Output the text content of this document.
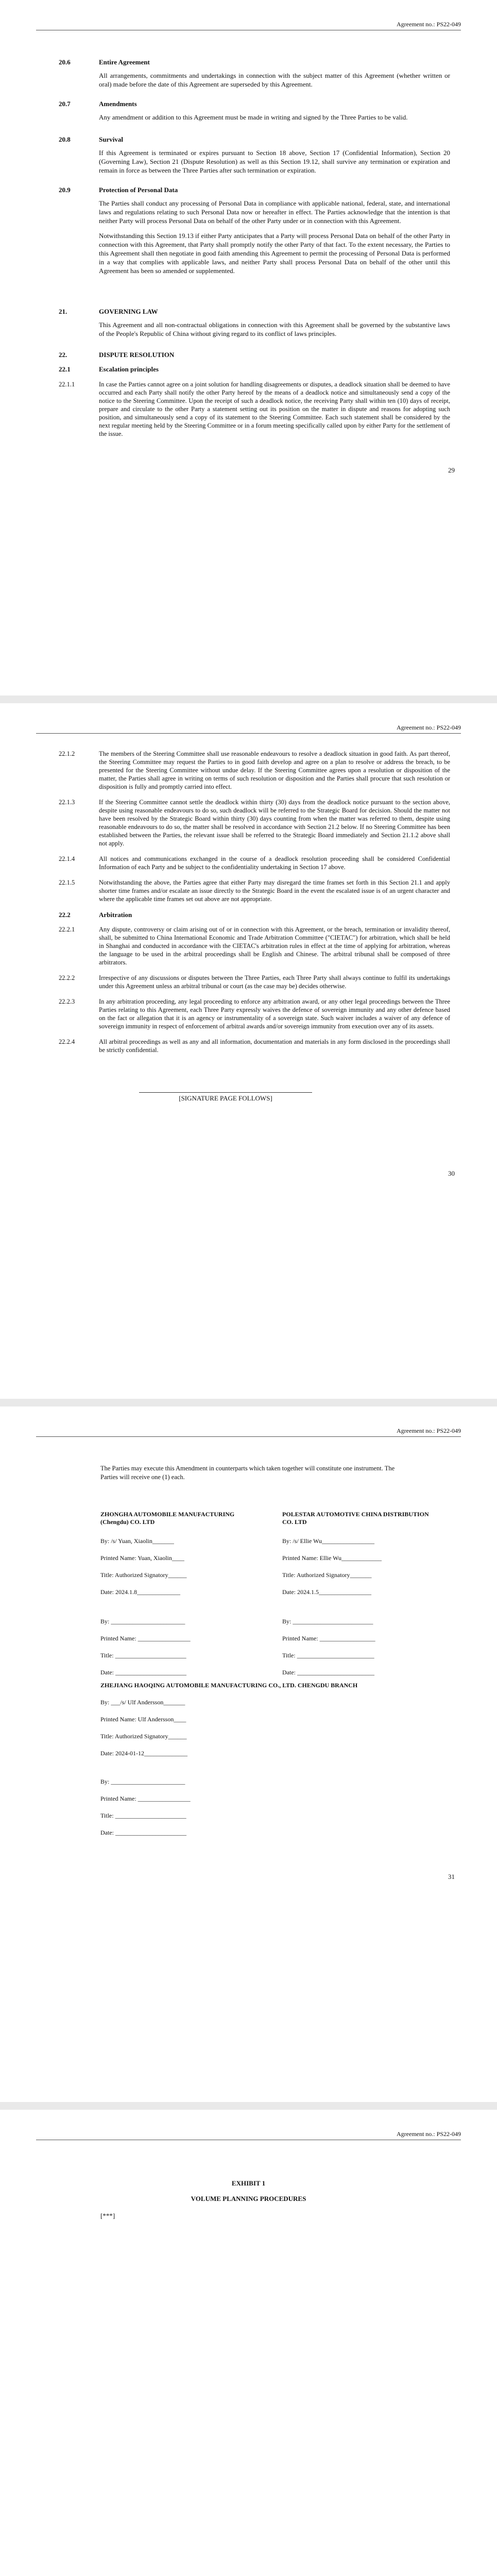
Agreement no.: PS22-049
20.6	Entire Agreement
All arrangements, commitments and undertakings in connection with the subject matter of this Agreement (whether written or oral) made before the date of this Agreement are superseded by this Agreement.
20.7	Amendments
Any amendment or addition to this Agreement must be made in writing and signed by the Three Parties to be valid.
20.8	Survival
If this Agreement is terminated or expires pursuant to Section 18 above, Section 17 (Confidential Information), Section 20 (Governing Law), Section 21 (Dispute Resolution) as well as this Section 19.12, shall survive any termination or expiration and remain in force as between the Three Parties after such termination or expiration.
20.9	Protection of Personal Data
The Parties shall conduct any processing of Personal Data in compliance with applicable national, federal, state, and international laws and regulations relating to such Personal Data now or hereafter in effect. The Parties acknowledge that the intention is that neither Party will process Personal Data on behalf of the other Party under or in connection with this Agreement.
Notwithstanding this Section 19.13 if either Party anticipates that a Party will process Personal Data on behalf of the other Party in connection with this Agreement, that Party shall promptly notify the other Party of that fact. To the extent necessary, the Parties to this Agreement shall then negotiate in good faith amending this Agreement to permit the processing of Personal Data is performed in a way that complies with applicable laws, and neither Party shall process Personal Data on behalf of the other until this Agreement has been so amended or supplemented.
21.	GOVERNING LAW
This Agreement and all non-contractual obligations in connection with this Agreement shall be governed by the substantive laws of the People's Republic of China without giving regard to its conflict of laws principles.
22.	DISPUTE RESOLUTION
22.1	Escalation principles
22.1.1	In case the Parties cannot agree on a joint solution for handling disagreements or disputes, a deadlock situation shall be deemed to have occurred and each Party shall notify the other Party hereof by the means of a deadlock notice and simultaneously send a copy of the notice to the Steering Committee. Upon the receipt of such a deadlock notice, the receiving Party shall within ten (10) days of receipt, prepare and circulate to the other Party a statement setting out its position on the matter in dispute and reasons for adopting such position, and simultaneously send a copy of its statement to the Steering Committee. Each such statement shall be considered by the next regular meeting held by the Steering Committee or in a forum meeting specifically called upon by either Party for the settlement of the issue.
29
Agreement no.: PS22-049
22.1.2	The members of the Steering Committee shall use reasonable endeavours to resolve a deadlock situation in good faith. As part thereof, the Steering Committee may request the Parties to in good faith develop and agree on a plan to resolve or address the breach, to be presented for the Steering Committee without undue delay. If the Steering Committee agrees upon a resolution or disposition of the matter, the Parties shall agree in writing on terms of such resolution or disposition and the Parties shall procure that such resolution or disposition is fully and promptly carried into effect.
22.1.3	If the Steering Committee cannot settle the deadlock within thirty (30) days from the deadlock notice pursuant to the section above, despite using reasonable endeavours to do so, such deadlock will be referred to the Strategic Board for decision. Should the matter not have been resolved by the Strategic Board within thirty (30) days counting from when the matter was referred to them, despite using reasonable endeavours to do so, the matter shall be resolved in accordance with Section 21.2 below. If no Steering Committee has been established between the Parties, the relevant issue shall be referred to the Strategic Board immediately and Section 21.1.2 above shall not apply.
22.1.4	All notices and communications exchanged in the course of a deadlock resolution proceeding shall be considered Confidential Information of each Party and be subject to the confidentiality undertaking in Section 17 above.
22.1.5	Notwithstanding the above, the Parties agree that either Party may disregard the time frames set forth in this Section 21.1 and apply shorter time frames and/or escalate an issue directly to the Strategic Board in the event the escalated issue is of an urgent character and where the applicable time frames set out above are not appropriate.
22.2	Arbitration
22.2.1	Any dispute, controversy or claim arising out of or in connection with this Agreement, or the breach, termination or invalidity thereof, shall, be submitted to China International Economic and Trade Arbitration Committee ("CIETAC") for arbitration, which shall be held in Shanghai and conducted in accordance with the CIETAC's arbitration rules in effect at the time of applying for arbitration, whereas the language to be used in the arbitral proceedings shall be English and Chinese. The arbitral tribunal shall be composed of three arbitrators.
22.2.2	Irrespective of any discussions or disputes between the Three Parties, each Three Party shall always continue to fulfil its undertakings under this Agreement unless an arbitral tribunal or court (as the case may be) decides otherwise.
22.2.3	In any arbitration proceeding, any legal proceeding to enforce any arbitration award, or any other legal proceedings between the Three Parties relating to this Agreement, each Three Party expressly waives the defence of sovereign immunity and any other defence based on the fact or allegation that it is an agency or instrumentality of a sovereign state. Such waiver includes a waiver of any defence of sovereign immunity in respect of enforcement of arbitral awards and/or sovereign immunity from execution over any of its assets.
22.2.4	All arbitral proceedings as well as any and all information, documentation and materials in any form disclosed in the proceedings shall be strictly confidential.
[SIGNATURE PAGE FOLLOWS]
30
Agreement no.: PS22-049
The Parties may execute this Amendment in counterparts which taken together will constitute one instrument. The Parties will receive one (1) each.
ZHONGHA AUTOMOBILE MANUFACTURING (Chengdu) CO. LTD
By: /s/ Yuan, Xiaolin_______
Printed Name: Yuan, Xiaolin____
Title: Authorized Signatory______
Date: 2024.1.8______________
By: ________________________
Printed Name: _________________
Title: _______________________
Date: _______________________
POLESTAR AUTOMOTIVE CHINA DISTRIBUTION CO. LTD
By: /s/ Ellie Wu_________________
Printed Name: Ellie Wu_____________
Title: Authorized Signatory_______
Date: 2024.1.5_________________
By: __________________________
Printed Name: __________________
Title: _________________________
Date: _________________________
ZHEJIANG HAOQING AUTOMOBILE MANUFACTURING CO., LTD. CHENGDU BRANCH
By: ___/s/ Ulf Andersson_______
Printed Name: Ulf Andersson____
Title: Authorized Signatory______
Date: 2024-01-12______________
By: ________________________
Printed Name: _________________
Title: _______________________
Date: _______________________
31
Agreement no.: PS22-049
EXHIBIT 1
VOLUME PLANNING PROCEDURES
[***]
